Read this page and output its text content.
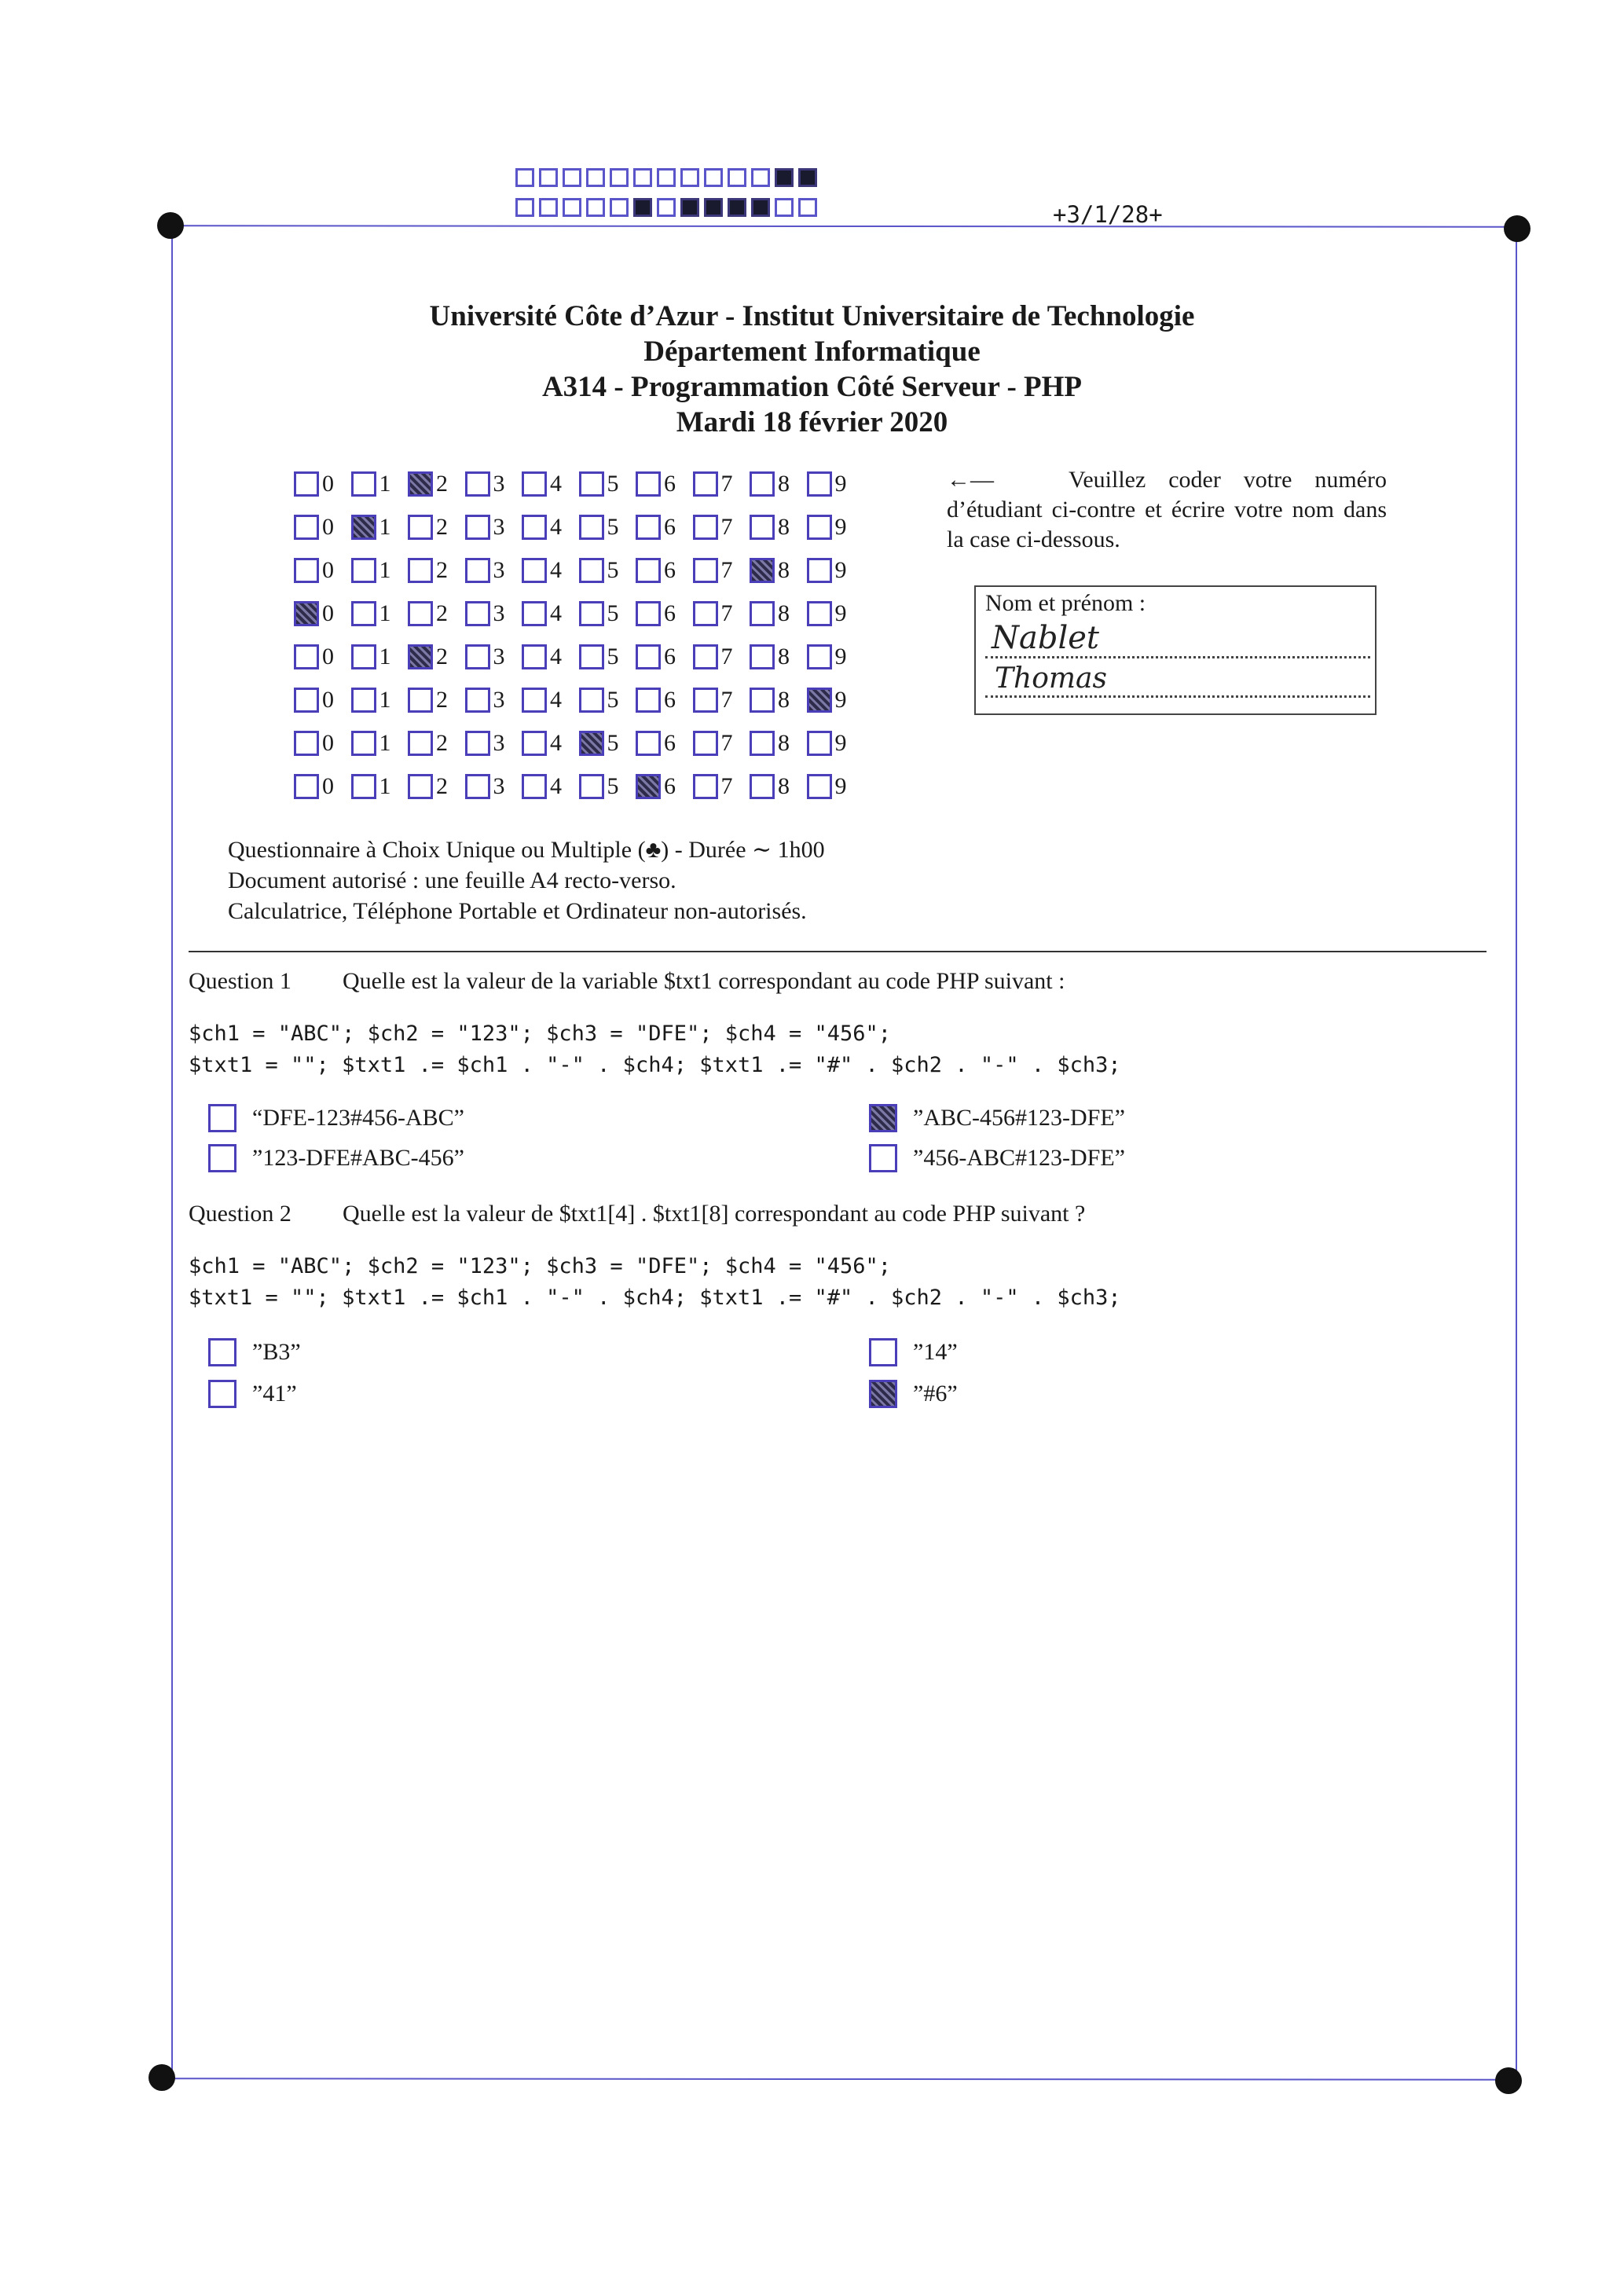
+3/1/28+
Université Côte d’Azur - Institut Universitaire de Technologie
Département Informatique
A314 - Programmation Côté Serveur - PHP
Mardi 18 février 2020
0 1 2 3 4 5 6 7 8 9
0 1 2 3 4 5 6 7 8 9
0 1 2 3 4 5 6 7 8 9
0 1 2 3 4 5 6 7 8 9
0 1 2 3 4 5 6 7 8 9
0 1 2 3 4 5 6 7 8 9
0 1 2 3 4 5 6 7 8 9
0 1 2 3 4 5 6 7 8 9
←—	Veuillez coder votre numéro d’étudiant ci-contre et écrire votre nom dans la case ci-dessous.
Nom et prénom :
Nablet
Thomas
Questionnaire à Choix Unique ou Multiple (♣) - Durée ∼ 1h00
Document autorisé : une feuille A4 recto-verso.
Calculatrice, Téléphone Portable et Ordinateur non-autorisés.
Question 1 Quelle est la valeur de la variable $txt1 correspondant au code PHP suivant :
$ch1 = "ABC"; $ch2 = "123"; $ch3 = "DFE"; $ch4 = "456";
$txt1 = ""; $txt1 .= $ch1 . "-" . $ch4; $txt1 .= "#" . $ch2 . "-" . $ch3;
“DFE-123#456-ABC”	”ABC-456#123-DFE”
”123-DFE#ABC-456”	”456-ABC#123-DFE”
Question 2 Quelle est la valeur de $txt1[4] . $txt1[8] correspondant au code PHP suivant ?
$ch1 = "ABC"; $ch2 = "123"; $ch3 = "DFE"; $ch4 = "456";
$txt1 = ""; $txt1 .= $ch1 . "-" . $ch4; $txt1 .= "#" . $ch2 . "-" . $ch3;
”B3”	”14”
”41”	”#6”
